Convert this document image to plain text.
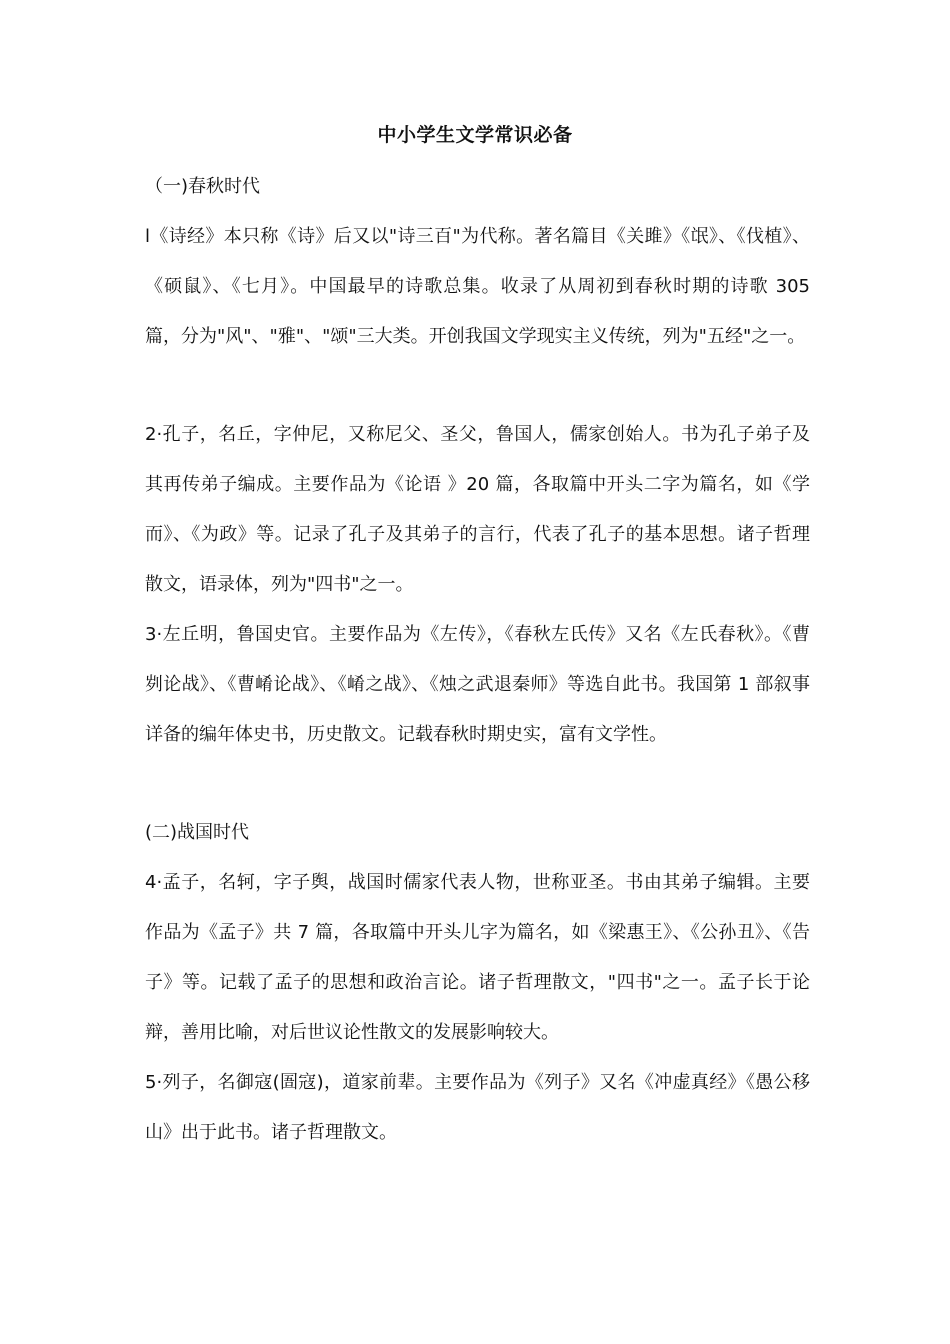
中小学生文学常识必备
（一)春秋时代
l《诗经》本只称《诗》后又以"诗三百"为代称。著名篇目《关雎》《氓》、《伐植》、《硕鼠》、《七月》。中国最早的诗歌总集。收录了从周初到春秋时期的诗歌 305 篇，分为"风"、"雅"、"颂"三大类。开创我国文学现实主义传统，列为"五经"之一。
2·孔子，名丘，字仲尼，又称尼父、圣父，鲁国人，儒家创始人。书为孔子弟子及其再传弟子编成。主要作品为《论语 》20 篇，各取篇中开头二字为篇名，如《学而》、《为政》等。记录了孔子及其弟子的言行，代表了孔子的基本思想。诸子哲理散文，语录体，列为"四书"之一。
3·左丘明，鲁国史官。主要作品为《左传》，《春秋左氏传》又名《左氏春秋》。《曹刿论战》、《曹崤论战》、《崤之战》、《烛之武退秦师》等选自此书。我国第 1 部叙事详备的编年体史书，历史散文。记载春秋时期史实，富有文学性。
(二)战国时代
4·孟子，名轲，字子舆，战国时儒家代表人物，世称亚圣。书由其弟子编辑。主要作品为《孟子》共 7 篇，各取篇中开头儿字为篇名，如《梁惠王》、《公孙丑》、《告子》等。记载了孟子的思想和政治言论。诸子哲理散文，"四书"之一。孟子长于论辩，善用比喻，对后世议论性散文的发展影响较大。
5·列子，名御寇(圄寇)，道家前辈。主要作品为《列子》又名《冲虚真经》《愚公移山》出于此书。诸子哲理散文。
